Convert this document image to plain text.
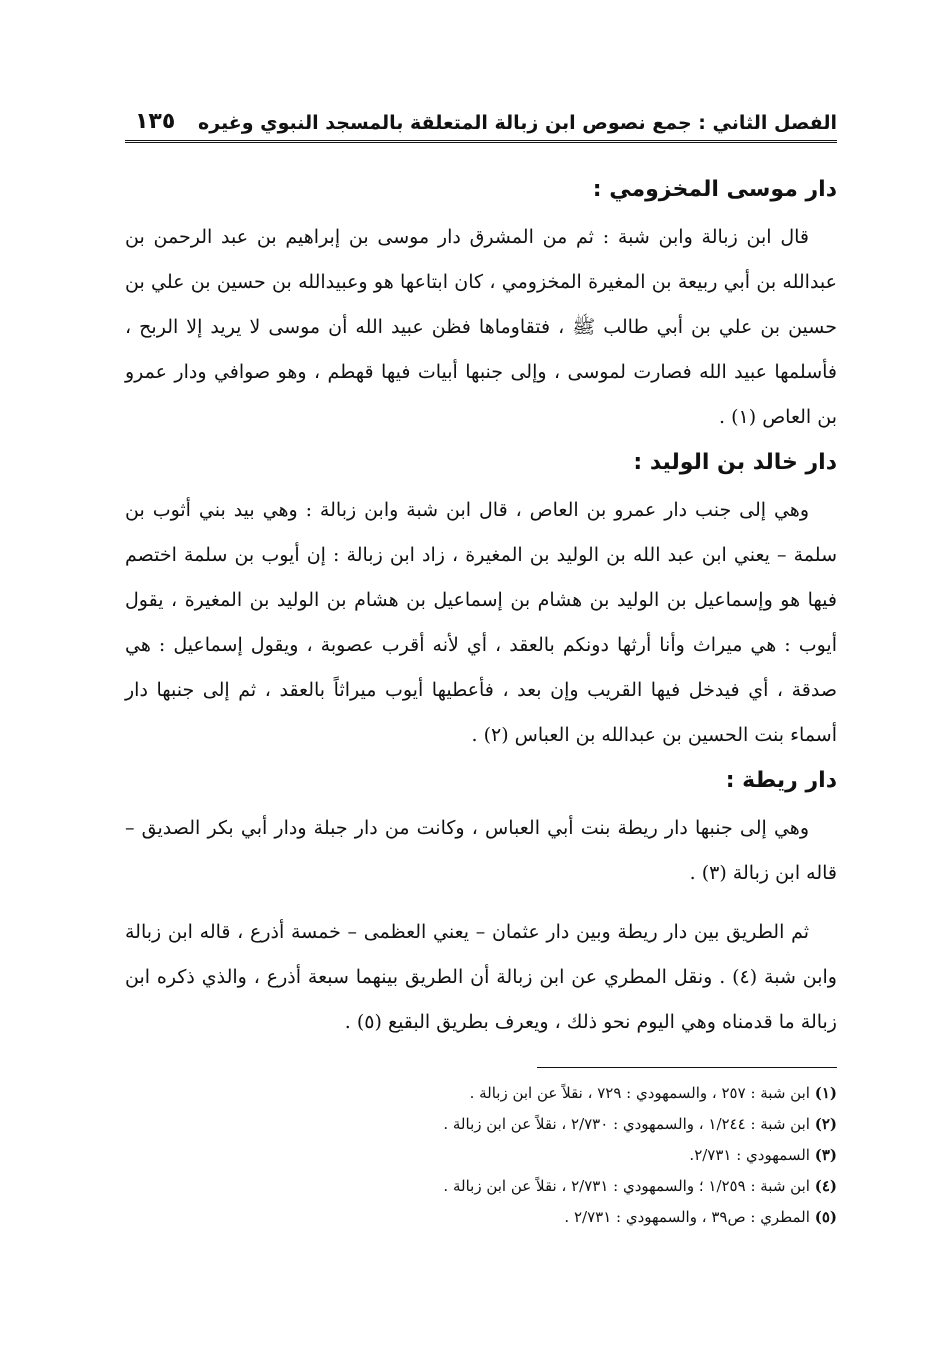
الفصل الثاني : جمع نصوص ابن زبالة المتعلقة بالمسجد النبوي وغيره
١٣٥
دار موسى المخزومي :

قال ابن زبالة وابن شبة : ثم من المشرق دار موسى بن إبراهيم بن عبد الرحمن بن عبدالله بن أبي ربيعة بن المغيرة المخزومي ، كان ابتاعها هو وعبيدالله بن حسين بن علي بن حسين بن علي بن أبي طالب ﷺ ، فتقاوماها فظن عبيد الله أن موسى لا يريد إلا الربح ، فأسلمها عبيد الله فصارت لموسى ، وإلى جنبها أبيات فيها قهطم ، وهو صوافي ودار عمرو بن العاص (١) .

دار خالد بن الوليد :

وهي إلى جنب دار عمرو بن العاص ، قال ابن شبة وابن زبالة : وهي بيد بني أثوب بن سلمة – يعني ابن عبد الله بن الوليد بن المغيرة ، زاد ابن زبالة : إن أيوب بن سلمة اختصم فيها هو وإسماعيل بن الوليد بن هشام بن إسماعيل بن هشام بن الوليد بن المغيرة ، يقول أيوب : هي ميراث وأنا أرثها دونكم بالعقد ، أي لأنه أقرب عصوبة ، ويقول إسماعيل : هي صدقة ، أي فيدخل فيها القريب وإن بعد ، فأعطيها أيوب ميراثاً بالعقد ، ثم إلى جنبها دار أسماء بنت الحسين بن عبدالله بن العباس (٢) .

دار ريطة :

وهي إلى جنبها دار ريطة بنت أبي العباس ، وكانت من دار جبلة ودار أبي بكر الصديق – قاله ابن زبالة (٣) .

ثم الطريق بين دار ريطة وبين دار عثمان – يعني العظمى – خمسة أذرع ، قاله ابن زبالة وابن شبة (٤) . ونقل المطري عن ابن زبالة أن الطريق بينهما سبعة أذرع ، والذي ذكره ابن زبالة ما قدمناه وهي اليوم نحو ذلك ، ويعرف بطريق البقيع (٥) .

(١) ابن شبة : ٢٥٧ ، والسمهودي : ٧٢٩ ، نقلاً عن ابن زبالة .
(٢) ابن شبة : ١/٢٤٤ ، والسمهودي : ٢/٧٣٠ ، نقلاً عن ابن زبالة .
(٣) السمهودي : ٢/٧٣١.
(٤) ابن شبة : ١/٢٥٩ ؛ والسمهودي : ٢/٧٣١ ، نقلاً عن ابن زبالة .
(٥) المطري : ص٣٩ ، والسمهودي : ٢/٧٣١ .
